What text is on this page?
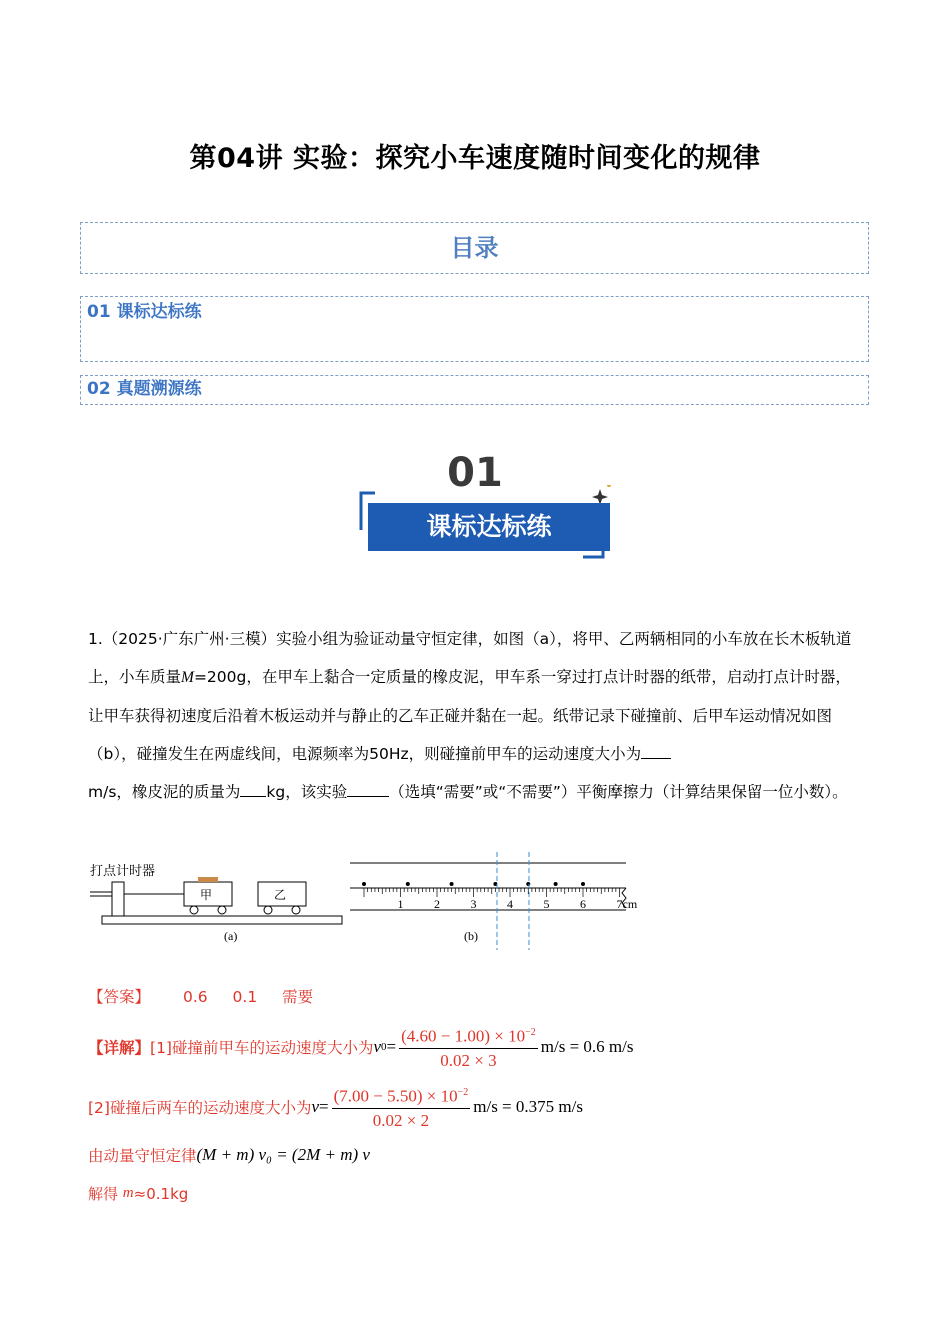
第04讲 实验：探究小车速度随时间变化的规律
目录
01 课标达标练
02 真题溯源练
01
课标达标练
1.（2025·广东广州·三模）实验小组为验证动量守恒定律，如图（a），将甲、乙两辆相同的小车放在长木板轨道上，小车质量M=200g，在甲车上黏合一定质量的橡皮泥，甲车系一穿过打点计时器的纸带，启动打点计时器，让甲车获得初速度后沿着木板运动并与静止的乙车正碰并黏在一起。纸带记录下碰撞前、后甲车运动情况如图（b），碰撞发生在两虚线间，电源频率为50Hz，则碰撞前甲车的运动速度大小为
m/s，橡皮泥的质量为 kg，该实验	（选填“需要”或“不需要”）平衡摩擦力（计算结果保留一位小数）。
打点计时器
甲	乙
(a)
1	2	3	4	5	6	7cm
(b)
【答案】 0.6 0.1 需要
【详解】 [1]碰撞前甲车的运动速度大小为 v $0 = \frac{(4.60 - 1.00) \times 10^{-2}}{0.02 \times 3} m/s = 0.6$ m/s
[2]碰撞后两车的运动速度大小为 $v = \frac{(7.00 - 5.50) \times 10^{-2}}{0.02 \times 2} m/s = 0.375$ m/s
由动量守恒定律 (M + m) v₀ = (2M + m) v
解得
m ≈0.1kg
